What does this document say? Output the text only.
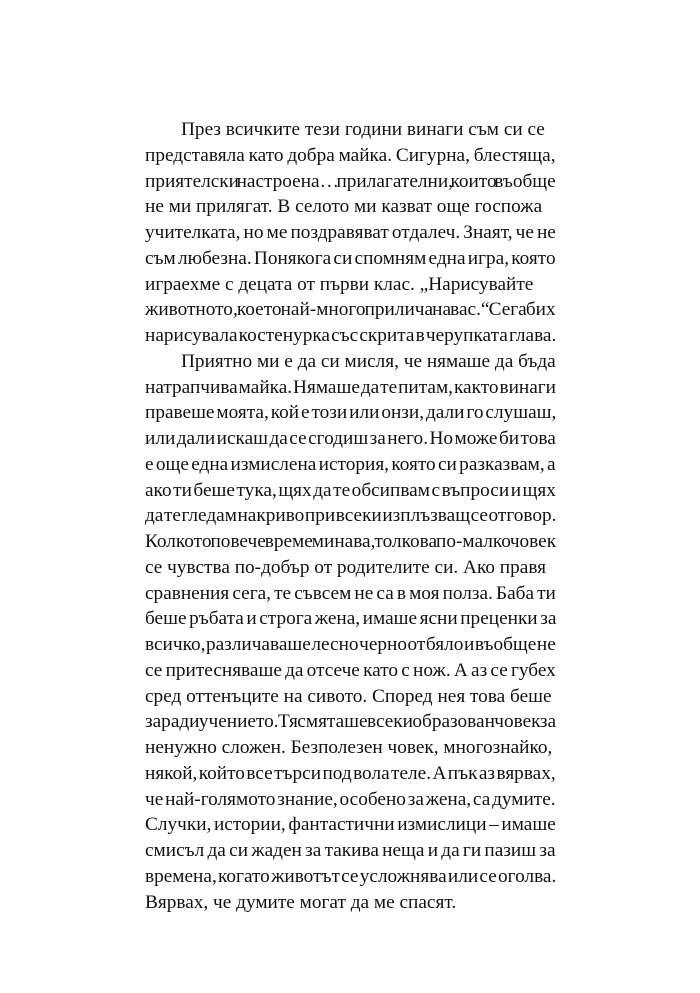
През всичките тези години винаги съм си се
представяла като добра майка. Сигурна, блестяща,
приятелски настроена… прилагателни, които въобще
не ми прилягат. В селото ми казват още госпожа
учителката, но ме поздравяват отдалеч. Знаят, че не
съм любезна. Понякога си спомням една игра, която
играехме с децата от първи клас. „Нарисувайте
животното, което най-много прилича на вас.“ Сега бих
нарисувала костенурка със скрита в черупката глава.
Приятно ми е да си мисля, че нямаше да бъда
натрапчива майка. Нямаше да те питам, както винаги
правеше моята, кой е този или онзи, дали го слушаш,
или дали искаш да се сгодиш за него. Но може би това
е още една измислена история, която си разказвам, а
ако ти беше тука, щях да те обсипвам с въпроси и щях
да те гледам накриво при всеки изплъзващ се отговор.
Колкото повече време минава, толкова по-малко човек
се чувства по-добър от родителите си. Ако правя
сравнения сега, те съвсем не са в моя полза. Баба ти
беше ръбата и строга жена, имаше ясни преценки за
всичко, различаваше лесно черно от бяло и въобще не
се притесняваше да отсече като с нож. А аз се губех
сред оттенъците на сивото. Според нея това беше
заради учението. Тя смяташе всеки образован човек за
ненужно сложен. Безполезен човек, многознайко,
някой, който все търси под вола теле. А пък аз вярвах,
че най-голямото знание, особено за жена, са думите.
Случки, истории, фантастични измислици – имаше
смисъл да си жаден за такива неща и да ги пазиш за
времена, когато животът се усложнява или се оголва.
Вярвах, че думите могат да ме спасят.
